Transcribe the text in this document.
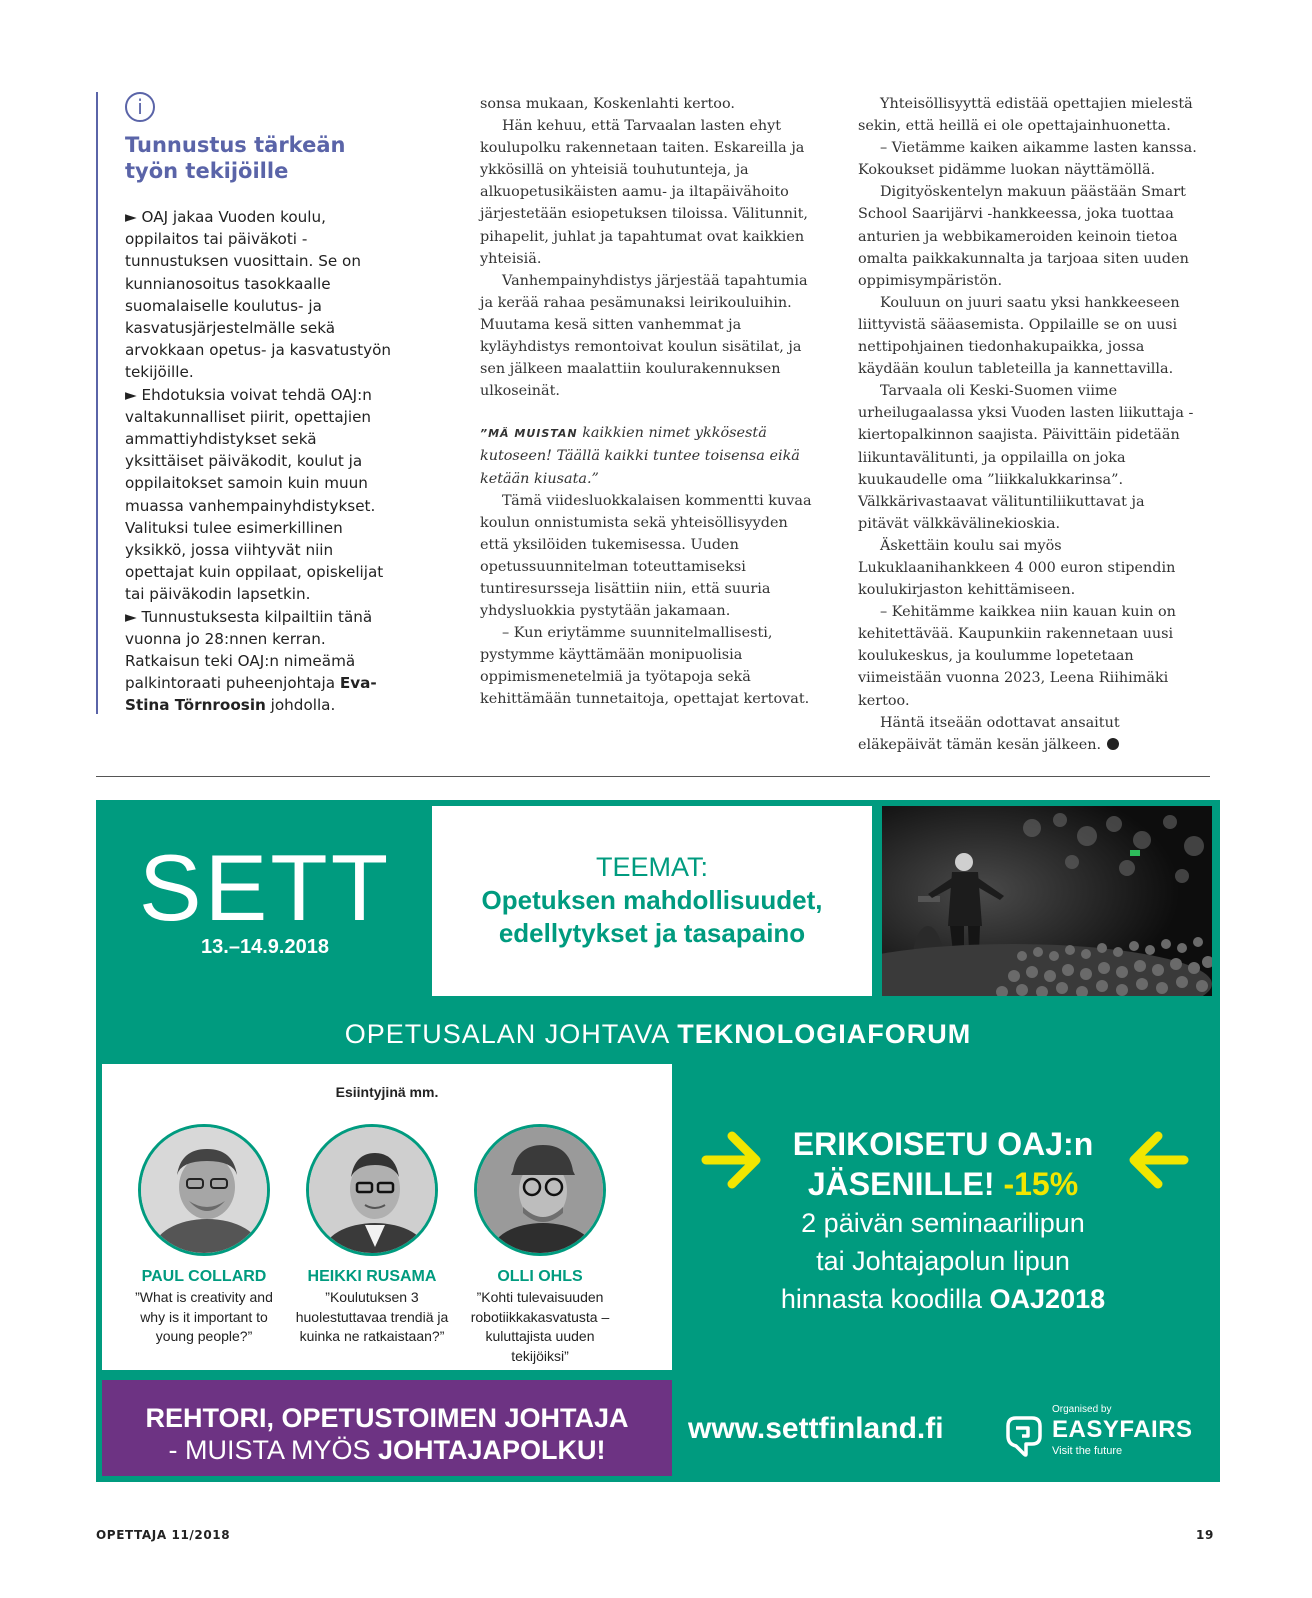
i
Tunnustus tärkeän työn tekijöille

► OAJ jakaa Vuoden koulu, oppilaitos tai päiväkoti -tunnustuksen vuosittain. Se on kunnianosoitus tasokkaalle suomalaiselle koulutus- ja kasvatusjärjestelmälle sekä arvokkaan opetus- ja kasvatustyön tekijöille.

► Ehdotuksia voivat tehdä OAJ:n valtakunnalliset piirit, opettajien ammattiyhdistykset sekä yksittäiset päiväkodit, koulut ja oppilaitokset samoin kuin muun muassa vanhempainyhdistykset. Valituksi tulee esimerkillinen yksikkö, jossa viihtyvät niin opettajat kuin oppilaat, opiskelijat tai päiväkodin lapsetkin.

► Tunnustuksesta kilpailtiin tänä vuonna jo 28:nnen kerran. Ratkaisun teki OAJ:n nimeämä palkintoraati puheenjohtaja Eva-Stina Törnroosin johdolla.

sonsa mukaan, Koskenlahti kertoo.

Hän kehuu, että Tarvaalan lasten ehyt koulupolku rakennetaan taiten. Eskareilla ja ykkösillä on yhteisiä touhutunteja, ja alkuopetusikäisten aamu- ja iltapäivähoito järjestetään esiopetuksen tiloissa. Välitunnit, pihapelit, juhlat ja tapahtumat ovat kaikkien yhteisiä.

Vanhempainyhdistys järjestää tapahtumia ja kerää rahaa pesämunaksi leirikouluihin. Muutama kesä sitten vanhemmat ja kyläyhdistys remontoivat koulun sisätilat, ja sen jälkeen maalattiin koulurakennuksen ulkoseinät.

”MÄ MUISTAN kaikkien nimet ykkösestä kutoseen! Täällä kaikki tuntee toisensa eikä ketään kiusata.”

Tämä viidesluokkalaisen kommentti kuvaa koulun onnistumista sekä yhteisöllisyyden että yksilöiden tukemisessa. Uuden opetussuunnitelman toteuttamiseksi tuntiresursseja lisättiin niin, että suuria yhdysluokkia pystytään jakamaan.

– Kun eriytämme suunnitelmallisesti, pystymme käyttämään monipuolisia oppimismenetelmiä ja työtapoja sekä kehittämään tunnetaitoja, opettajat kertovat.

Yhteisöllisyyttä edistää opettajien mielestä sekin, että heillä ei ole opettajainhuonetta.

– Vietämme kaiken aikamme lasten kanssa. Kokoukset pidämme luokan näyttämöllä.

Digityöskentelyn makuun päästään Smart School Saarijärvi -hankkeessa, joka tuottaa anturien ja webbikameroiden keinoin tietoa omalta paikkakunnalta ja tarjoaa siten uuden oppimisympäristön.

Kouluun on juuri saatu yksi hankkeeseen liittyvistä sääasemista. Oppilaille se on uusi nettipohjainen tiedonhakupaikka, jossa käydään koulun tableteilla ja kannettavilla.

Tarvaala oli Keski-Suomen viime urheilugaalassa yksi Vuoden lasten liikuttaja -kiertopalkinnon saajista. Päivittäin pidetään liikuntavälitunti, ja oppilailla on joka kuukaudelle oma ”liikkalukkarinsa”. Välkkärivastaavat välituntiliikuttavat ja pitävät välkkävälinekioskia.

Äskettäin koulu sai myös Lukuklaanihankkeen 4 000 euron stipendin koulukirjaston kehittämiseen.

– Kehitämme kaikkea niin kauan kuin on kehitettävää. Kaupunkiin rakennetaan uusi koulukeskus, ja koulumme lopetetaan viimeistään vuonna 2023, Leena Riihimäki kertoo.

Häntä itseään odottavat ansaitut eläkepäivät tämän kesän jälkeen.

SETT
13.–14.9.2018
TEEMAT:
Opetuksen mahdollisuudet,
edellytykset ja tasapaino
OPETUSALAN JOHTAVA TEKNOLOGIAFORUM
Esiintyjinä mm.
PAUL COLLARD
”What is creativity and why is it important to young people?”
HEIKKI RUSAMA
”Koulutuksen 3 huolestuttavaa trendiä ja kuinka ne ratkaistaan?”
OLLI OHLS
”Kohti tulevaisuuden robotiikkakasvatusta – kuluttajista uuden tekijöiksi”
ERIKOISETU OAJ:n
JÄSENILLE! -15%
2 päivän seminaarilipun
tai Johtajapolun lipun
hinnasta koodilla OAJ2018
REHTORI, OPETUSTOIMEN JOHTAJA
- MUISTA MYÖS JOHTAJAPOLKU!
www.settfinland.fi
Organised by
EASYFAIRS
Visit the future
OPETTAJA 11/2018	19
